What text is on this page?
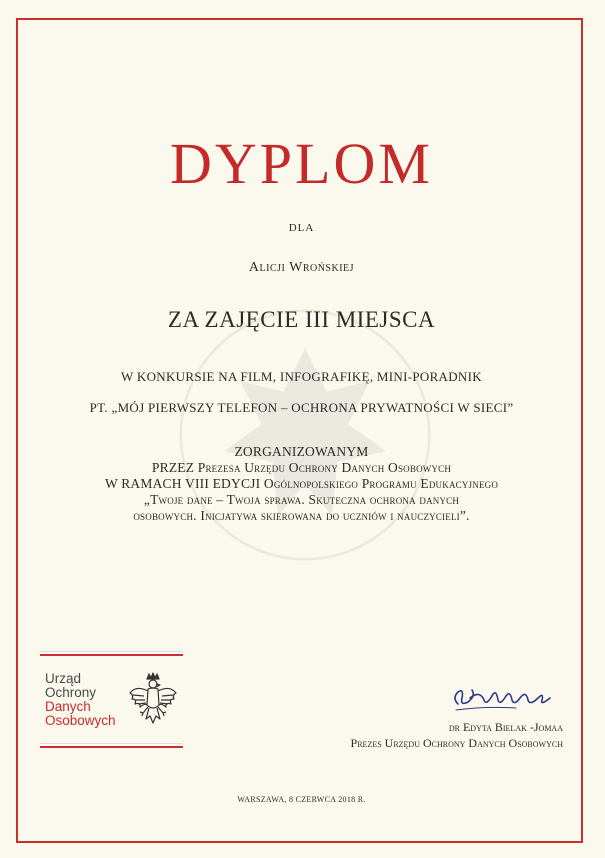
DYPLOM
DLA
Alicji Wrońskiej
ZA ZAJĘCIE III MIEJSCA
W KONKURSIE NA FILM, INFOGRAFIKĘ, MINI-PORADNIK
PT. „MÓJ PIERWSZY TELEFON – OCHRONA PRYWATNOŚCI W SIECI”
ZORGANIZOWANYM
PRZEZ Prezesa Urzędu Ochrony Danych Osobowych
W RAMACH VIII EDYCJI Ogólnopolskiego Programu Edukacyjnego
„Twoje dane – Twoja sprawa. Skuteczna ochrona danych
osobowych. Inicjatywa skierowana do uczniów i nauczycieli”.
Urząd
Ochrony
Danych
Osobowych	dr Edyta Bielak -Jomaa
Prezes Urzędu Ochrony Danych Osobowych
WARSZAWA, 8 CZERWCA 2018 R.
